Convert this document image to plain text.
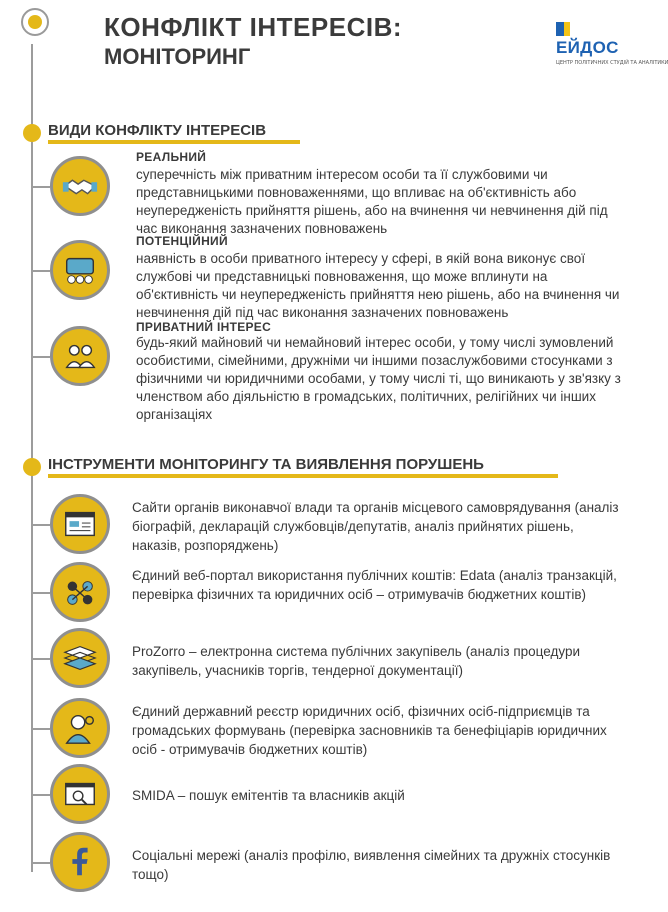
КОНФЛІКТ ІНТЕРЕСІВ:
МОНІТОРИНГ	ЕЙДОС
ЦЕНТР ПОЛІТИЧНИХ СТУДІЙ ТА АНАЛІТИКИ
ВИДИ КОНФЛІКТУ ІНТЕРЕСІВ
РЕАЛЬНИЙ
суперечність між приватним інтересом особи та її службовими чи представницькими повноваженнями, що впливає на об'єктивність або неупередженість прийняття рішень, або на вчинення чи невчинення дій під час виконання зазначених повноважень
ПОТЕНЦІЙНИЙ
наявність в особи приватного інтересу у сфері, в якій вона виконує свої службові чи представницькі повноваження, що може вплинути на об'єктивність чи неупередженість прийняття нею рішень, або на вчинення чи невчинення дій під час виконання зазначених повноважень
ПРИВАТНИЙ ІНТЕРЕС
будь-який майновий чи немайновий інтерес особи, у тому числі зумовлений особистими, сімейними, дружніми чи іншими позаслужбовими стосунками з фізичними чи юридичними особами, у тому числі ті, що виникають у зв'язку з членством або діяльністю в громадських, політичних, релігійних чи інших організаціях
ІНСТРУМЕНТИ МОНІТОРИНГУ ТА ВИЯВЛЕННЯ ПОРУШЕНЬ
Сайти органів виконавчої влади та органів місцевого самоврядування (аналіз біографій, декларацій службовців/депутатів, аналіз прийнятих рішень, наказів, розпоряджень)
Єдиний веб-портал використання публічних коштів: Edata (аналіз транзакцій, перевірка фізичних та юридичних осіб – отримувачів бюджетних коштів)
ProZorro – електронна система публічних закупівель (аналіз процедури закупівель, учасників торгів, тендерної документації)
Єдиний державний реєстр юридичних осіб, фізичних осіб-підприємців та громадських формувань (перевірка засновників та бенефіціарів юридичних осіб - отримувачів бюджетних коштів)
SMIDA – пошук емітентів та власників акцій
Соціальні мережі (аналіз профілю, виявлення сімейних та дружніх стосунків тощо)
